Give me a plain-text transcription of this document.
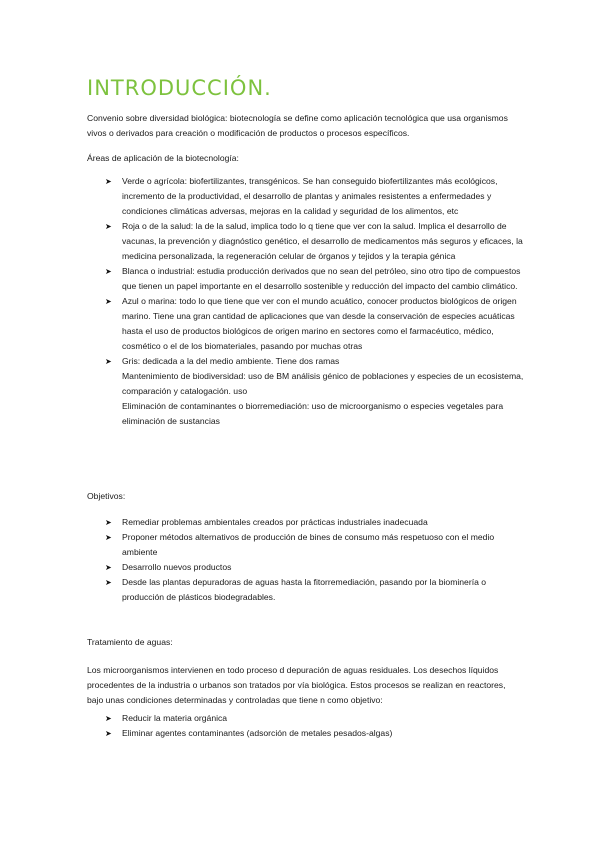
INTRODUCCIÓN.

Convenio sobre diversidad biológica: biotecnología se define como aplicación tecnológica que usa organismos vivos o derivados para creación o modificación de productos o procesos específicos.

Áreas de aplicación de la biotecnología:

➤ Verde o agrícola: biofertilizantes, transgénicos. Se han conseguido biofertilizantes más ecológicos, incremento de la productividad, el desarrollo de plantas y animales resistentes a enfermedades y condiciones climáticas adversas, mejoras en la calidad y seguridad de los alimentos, etc
➤ Roja o de la salud: la de la salud, implica todo lo q tiene que ver con la salud. Implica el desarrollo de vacunas, la prevención y diagnóstico genético, el desarrollo de medicamentos más seguros y eficaces, la medicina personalizada, la regeneración celular de órganos y tejidos y la terapia génica
➤ Blanca o industrial: estudia producción derivados que no sean del petróleo, sino otro tipo de compuestos que tienen un papel importante en el desarrollo sostenible y reducción del impacto del cambio climático.
➤ Azul o marina: todo lo que tiene que ver con el mundo acuático, conocer productos biológicos de origen marino. Tiene una gran cantidad de aplicaciones que van desde la conservación de especies acuáticas hasta el uso de productos biológicos de origen marino en sectores como el farmacéutico, médico, cosmético o el de los biomateriales, pasando por muchas otras
➤ Gris: dedicada a la del medio ambiente. Tiene dos ramas
Mantenimiento de biodiversidad: uso de BM análisis génico de poblaciones y especies de un ecosistema, comparación y catalogación. uso
Eliminación de contaminantes o biorremediación: uso de microorganismo o especies vegetales para eliminación de sustancias

Objetivos:

➤ Remediar problemas ambientales creados por prácticas industriales inadecuada
➤ Proponer métodos alternativos de producción de bines de consumo más respetuoso con el medio ambiente
➤ Desarrollo nuevos productos
➤ Desde las plantas depuradoras de aguas hasta la fitorremediación, pasando por la biominería o producción de plásticos biodegradables.

Tratamiento de aguas:

Los microorganismos intervienen en todo proceso d depuración de aguas residuales. Los desechos líquidos procedentes de la industria o urbanos son tratados por vía biológica. Estos procesos se realizan en reactores, bajo unas condiciones determinadas y controladas que tiene n como objetivo:

➤ Reducir la materia orgánica
➤ Eliminar agentes contaminantes (adsorción de metales pesados-algas)
